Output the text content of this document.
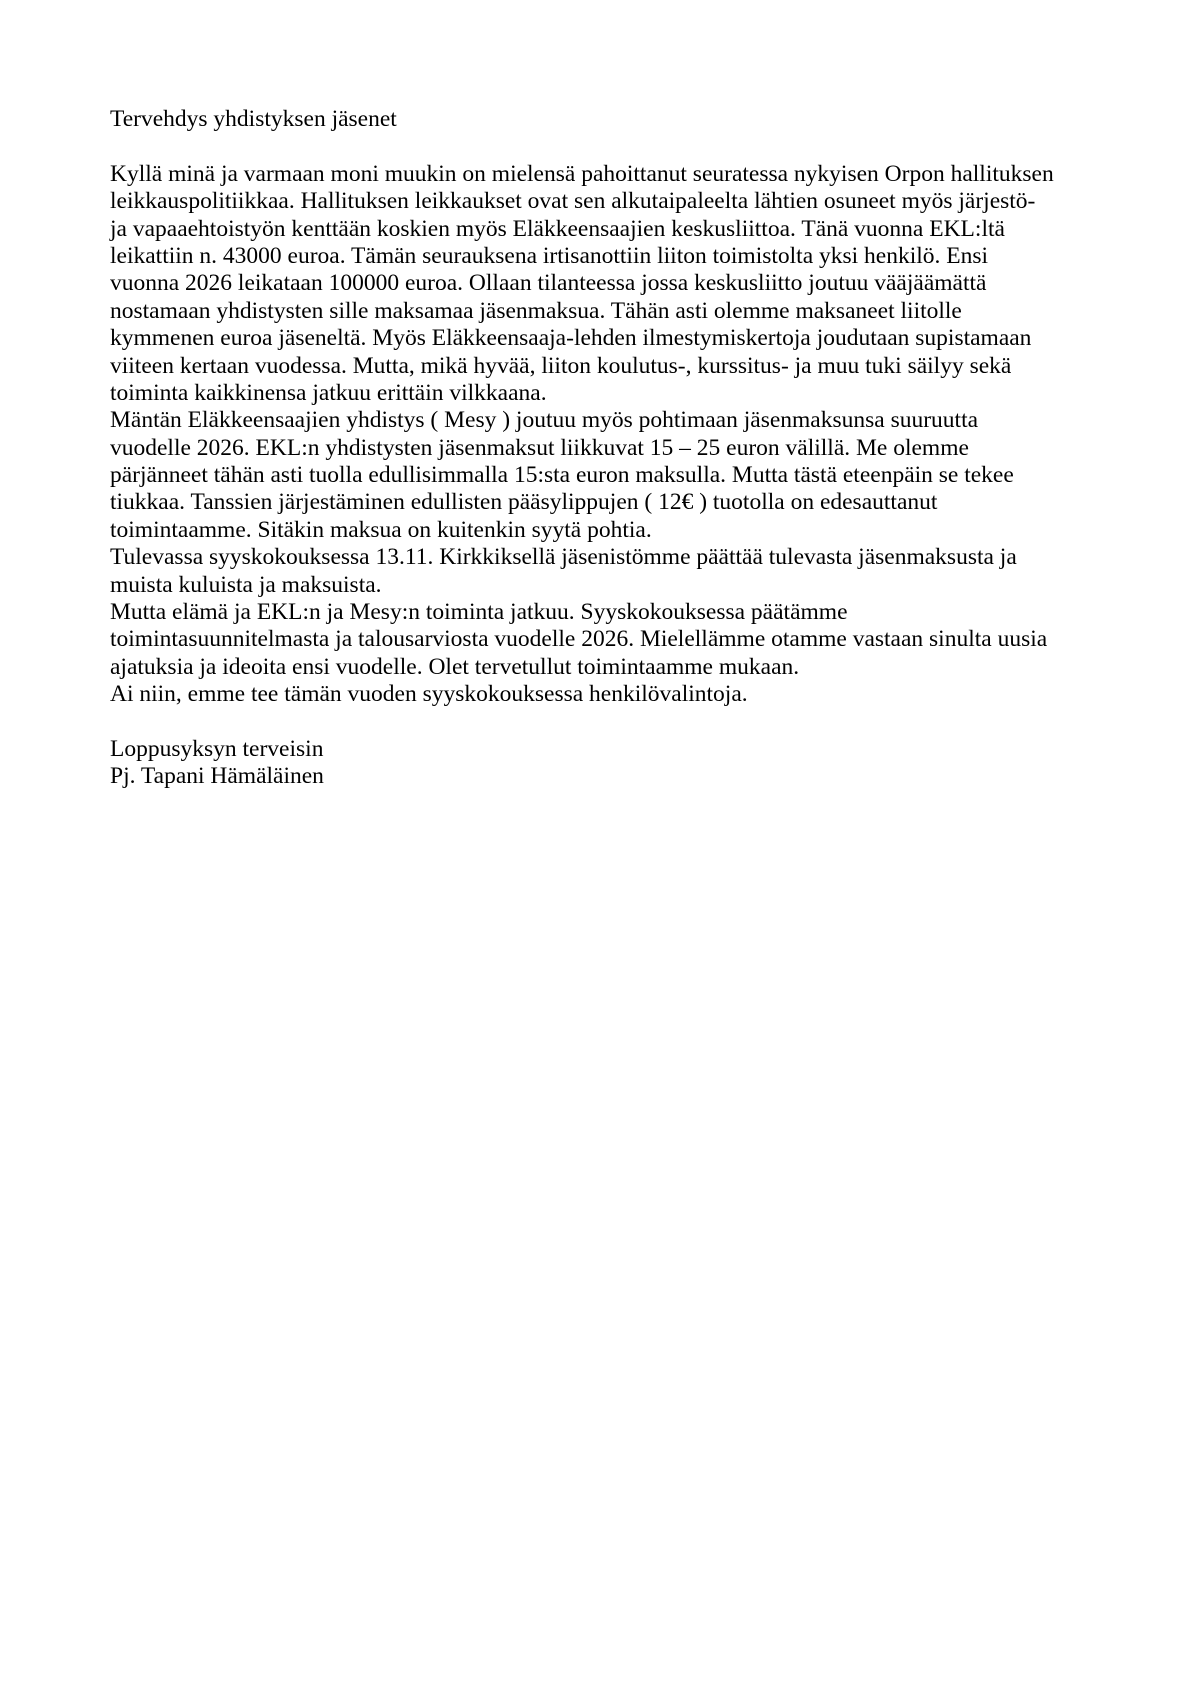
Tervehdys yhdistyksen jäsenet
Kyllä minä ja varmaan moni muukin on mielensä pahoittanut seuratessa nykyisen Orpon hallituksen
leikkauspolitiikkaa. Hallituksen leikkaukset ovat sen alkutaipaleelta lähtien osuneet myös järjestö-
ja vapaaehtoistyön kenttään koskien myös Eläkkeensaajien keskusliittoa. Tänä vuonna EKL:ltä
leikattiin n. 43000 euroa. Tämän seurauksena irtisanottiin liiton toimistolta yksi henkilö. Ensi
vuonna 2026 leikataan 100000 euroa. Ollaan tilanteessa jossa keskusliitto joutuu vääjäämättä
nostamaan yhdistysten sille maksamaa jäsenmaksua. Tähän asti olemme maksaneet liitolle
kymmenen euroa jäseneltä. Myös Eläkkeensaaja-lehden ilmestymiskertoja joudutaan supistamaan
viiteen kertaan vuodessa. Mutta, mikä hyvää, liiton koulutus-, kurssitus- ja muu tuki säilyy sekä
toiminta kaikkinensa jatkuu erittäin vilkkaana.
Mäntän Eläkkeensaajien yhdistys ( Mesy ) joutuu myös pohtimaan jäsenmaksunsa suuruutta
vuodelle 2026. EKL:n yhdistysten jäsenmaksut liikkuvat 15 – 25 euron välillä. Me olemme
pärjänneet tähän asti tuolla edullisimmalla 15:sta euron maksulla. Mutta tästä eteenpäin se tekee
tiukkaa. Tanssien järjestäminen edullisten pääsylippujen ( 12€ ) tuotolla on edesauttanut
toimintaamme. Sitäkin maksua on kuitenkin syytä pohtia.
Tulevassa syyskokouksessa 13.11. Kirkkiksellä jäsenistömme päättää tulevasta jäsenmaksusta ja
muista kuluista ja maksuista.
Mutta elämä ja EKL:n ja Mesy:n toiminta jatkuu. Syyskokouksessa päätämme
toimintasuunnitelmasta ja talousarviosta vuodelle 2026. Mielellämme otamme vastaan sinulta uusia
ajatuksia ja ideoita ensi vuodelle. Olet tervetullut toimintaamme mukaan.
Ai niin, emme tee tämän vuoden syyskokouksessa henkilövalintoja.
Loppusyksyn terveisin
Pj. Tapani Hämäläinen
